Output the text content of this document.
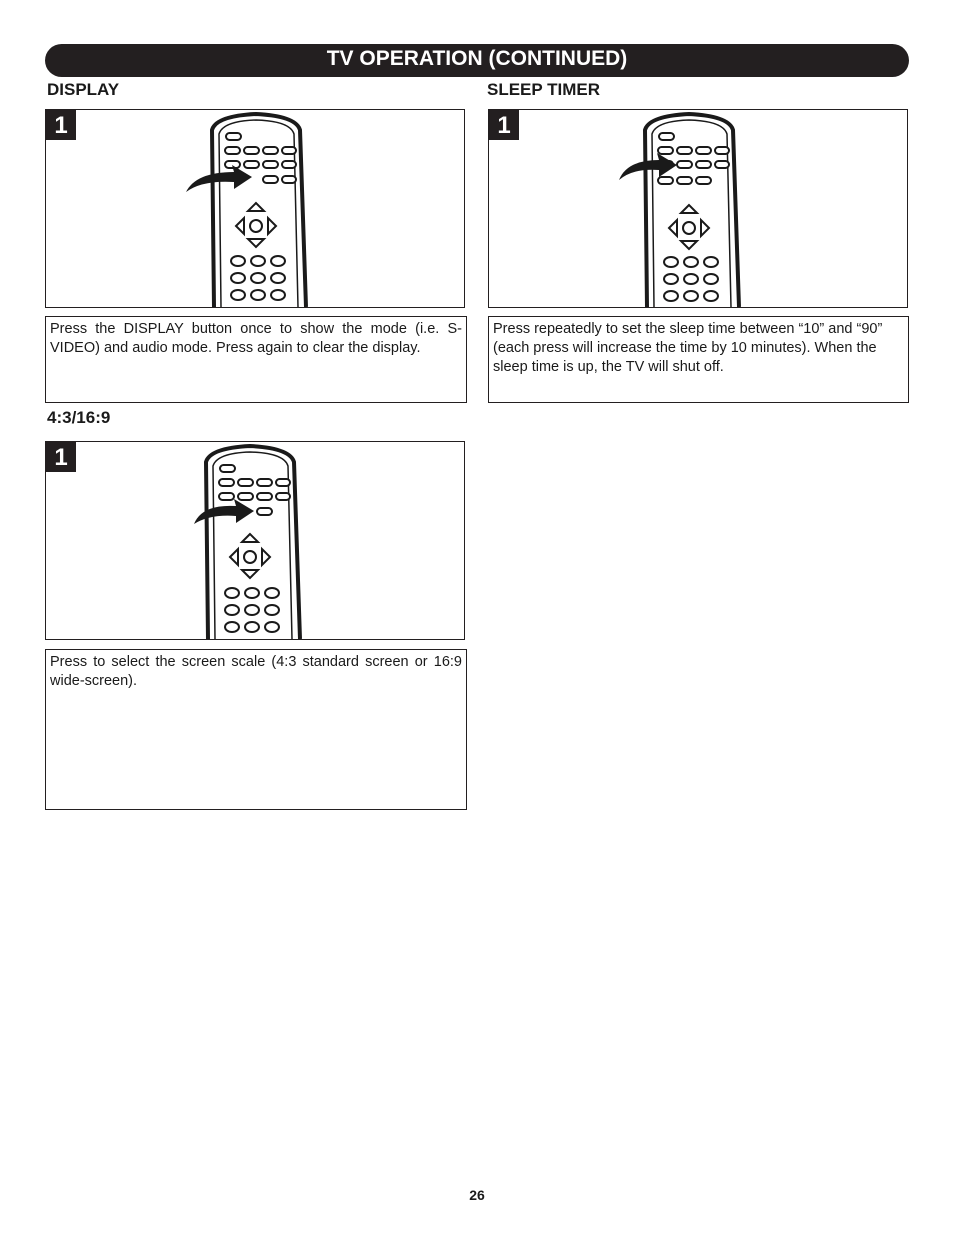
TV OPERATION (CONTINUED)
DISPLAY
1
Press the DISPLAY button once to show the mode (i.e. S-VIDEO) and audio mode. Press again to clear the display.
SLEEP TIMER
1
Press repeatedly to set the sleep time between “10” and “90” (each press will increase the time by 10 minutes). When the sleep time is up, the TV will shut off.
4:3/16:9
1
Press to select the screen scale (4:3 standard screen or 16:9 wide-screen).
26
